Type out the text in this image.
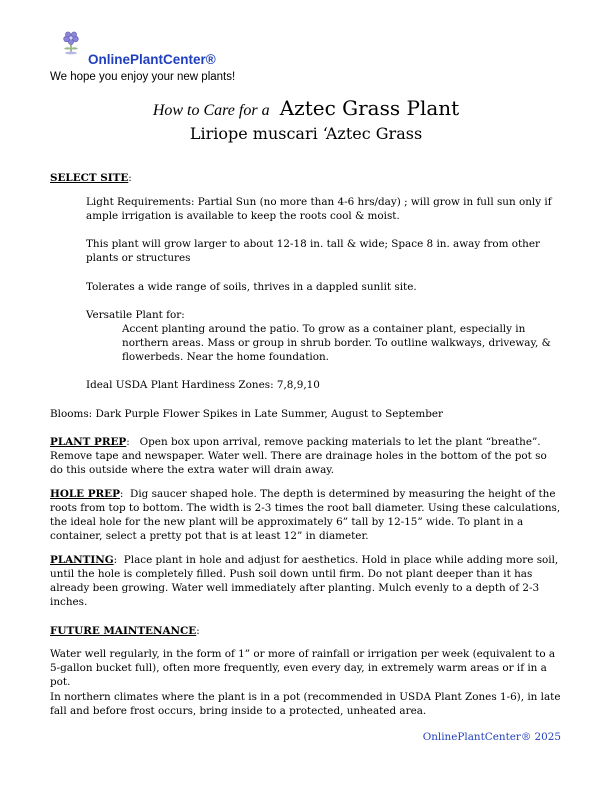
OnlinePlantCenter®
We hope you enjoy your new plants!
How to Care for a Aztec Grass Plant
Liriope muscari ‘Aztec Grass
SELECT SITE:
Light Requirements: Partial Sun (no more than 4-6 hrs/day) ; will grow in full sun only if ample irrigation is available to keep the roots cool & moist.
This plant will grow larger to about 12-18 in. tall & wide; Space 8 in. away from other plants or structures
Tolerates a wide range of soils, thrives in a dappled sunlit site.
Versatile Plant for:
Accent planting around the patio. To grow as a container plant, especially in northern areas. Mass or group in shrub border. To outline walkways, driveway, & flowerbeds. Near the home foundation.
Ideal USDA Plant Hardiness Zones: 7,8,9,10
Blooms: Dark Purple Flower Spikes in Late Summer, August to September
PLANT PREP:   Open box upon arrival, remove packing materials to let the plant “breathe”. Remove tape and newspaper. Water well. There are drainage holes in the bottom of the pot so do this outside where the extra water will drain away.
HOLE PREP:  Dig saucer shaped hole. The depth is determined by measuring the height of the roots from top to bottom. The width is 2-3 times the root ball diameter. Using these calculations, the ideal hole for the new plant will be approximately 6” tall by 12-15” wide. To plant in a container, select a pretty pot that is at least 12” in diameter.
PLANTING:  Place plant in hole and adjust for aesthetics. Hold in place while adding more soil, until the hole is completely filled. Push soil down until firm. Do not plant deeper than it has already been growing. Water well immediately after planting. Mulch evenly to a depth of 2-3 inches.
FUTURE MAINTENANCE:
Water well regularly, in the form of 1” or more of rainfall or irrigation per week (equivalent to a 5-gallon bucket full), often more frequently, even every day, in extremely warm areas or if in a pot.
In northern climates where the plant is in a pot (recommended in USDA Plant Zones 1-6), in late fall and before frost occurs, bring inside to a protected, unheated area.
OnlinePlantCenter® 2025
